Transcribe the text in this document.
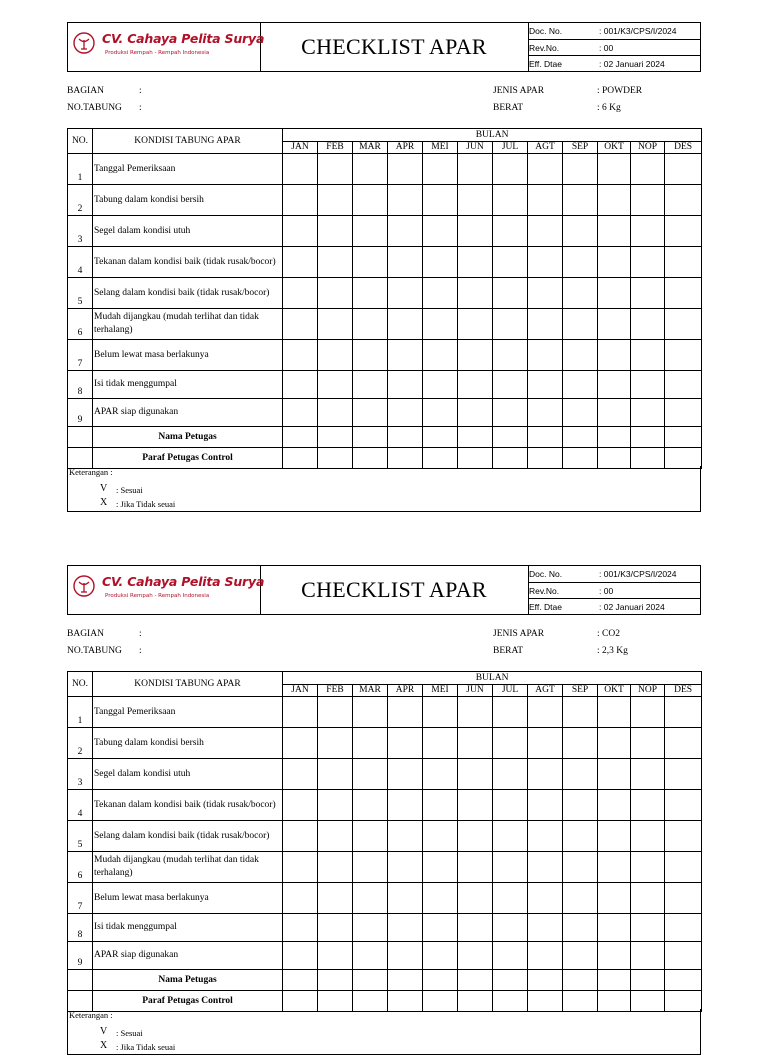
CV. Cahaya Pelita Surya
Produksi Rempah - Rempah Indonesia	CHECKLIST APAR
Doc. No.	: 001/K3/CPS/I/2024
Rev.No.	: 00
Eff. Dtae	: 02 Januari 2024
BAGIAN	:
NO.TABUNG :
JENIS APAR	: POWDER
BERAT	: 6 Kg
NO.	KONDISI TABUNG APAR	BULAN											
		JAN	FEB	MAR	APR	MEI	JUN	JUL	AGT	SEP	OKT	NOP	DES
1	Tanggal Pemeriksaan												
2	Tabung dalam kondisi bersih												
3	Segel dalam kondisi utuh												
4	Tekanan dalam kondisi baik (tidak rusak/bocor)												
5	Selang dalam kondisi baik (tidak rusak/bocor)												
6	Mudah dijangkau (mudah terlihat dan tidak terhalang)												
7	Belum lewat masa berlakunya												
8	Isi tidak menggumpal												
9	APAR siap digunakan												
	Nama Petugas												
	Paraf Petugas Control												
Keterangan :
V : Sesuai
X : Jika Tidak seuai
CV. Cahaya Pelita Surya
Produksi Rempah - Rempah Indonesia	CHECKLIST APAR
Doc. No.	: 001/K3/CPS/I/2024
Rev.No.	: 00
Eff. Dtae	: 02 Januari 2024
BAGIAN	:
NO.TABUNG :
JENIS APAR	: CO2
BERAT	: 2,3 Kg
NO.	KONDISI TABUNG APAR	BULAN											
		JAN	FEB	MAR	APR	MEI	JUN	JUL	AGT	SEP	OKT	NOP	DES
1	Tanggal Pemeriksaan												
2	Tabung dalam kondisi bersih												
3	Segel dalam kondisi utuh												
4	Tekanan dalam kondisi baik (tidak rusak/bocor)												
5	Selang dalam kondisi baik (tidak rusak/bocor)												
6	Mudah dijangkau (mudah terlihat dan tidak terhalang)												
7	Belum lewat masa berlakunya												
8	Isi tidak menggumpal												
9	APAR siap digunakan												
	Nama Petugas												
	Paraf Petugas Control												
Keterangan :
V : Sesuai
X : Jika Tidak seuai
